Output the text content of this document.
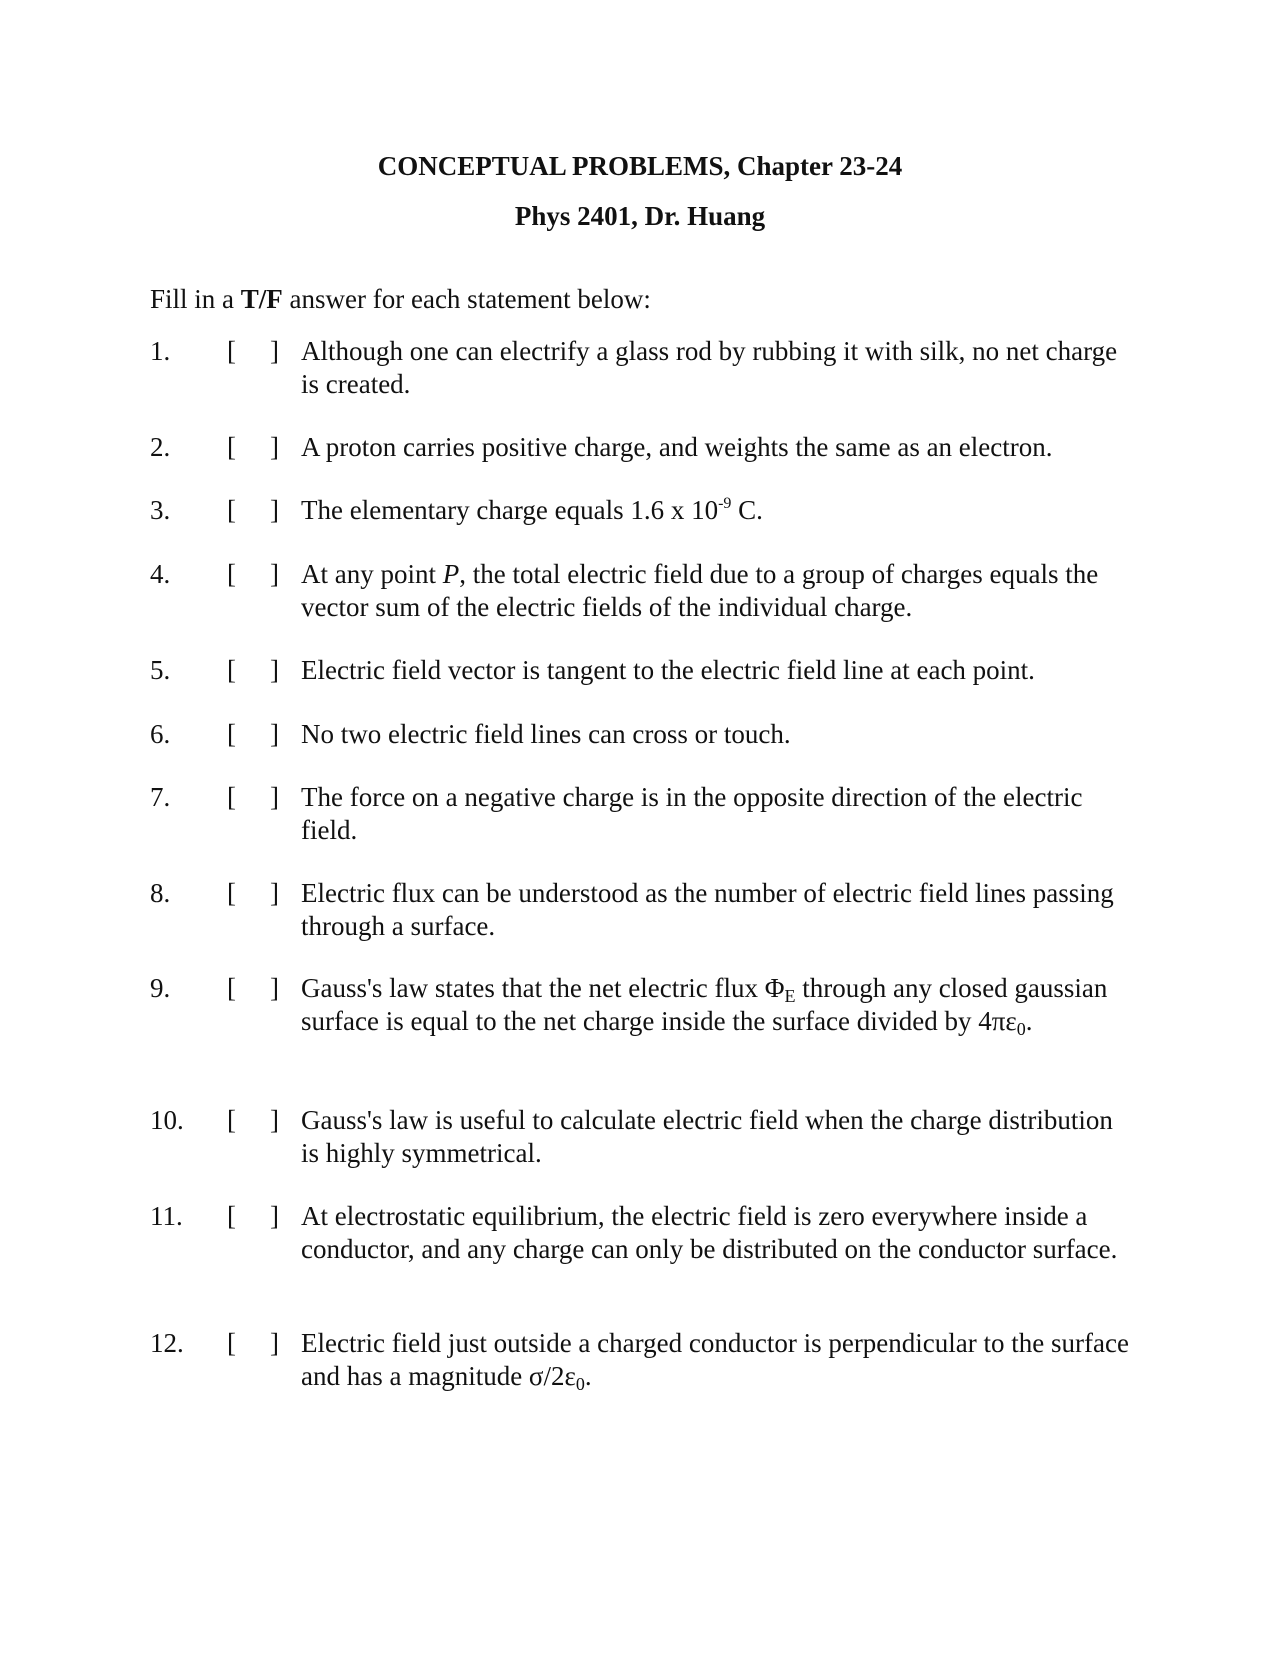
CONCEPTUAL PROBLEMS, Chapter 23-24
Phys 2401, Dr. Huang

Fill in a T/F answer for each statement below:

1. [ ] Although one can electrify a glass rod by rubbing it with silk, no net charge is created.
2. [ ] A proton carries positive charge, and weights the same as an electron.
3. [ ] The elementary charge equals 1.6 x $10^{-9}$ C.
4. [ ] At any point P, the total electric field due to a group of charges equals the vector sum of the electric fields of the individual charge.
5. [ ] Electric field vector is tangent to the electric field line at each point.
6. [ ] No two electric field lines can cross or touch.
7. [ ] The force on a negative charge is in the opposite direction of the electric field.
8. [ ] Electric flux can be understood as the number of electric field lines passing through a surface.
9. [ ] Gauss's law states that the net electric flux $\Phi_E$ through any closed gaussian surface is equal to the net charge inside the surface divided by $4\pi\varepsilon_0$.
10. [ ] Gauss's law is useful to calculate electric field when the charge distribution is highly symmetrical.
11. [ ] At electrostatic equilibrium, the electric field is zero everywhere inside a conductor, and any charge can only be distributed on the conductor surface.
12. [ ] Electric field just outside a charged conductor is perpendicular to the surface and has a magnitude $\sigma/2\varepsilon_0$.
